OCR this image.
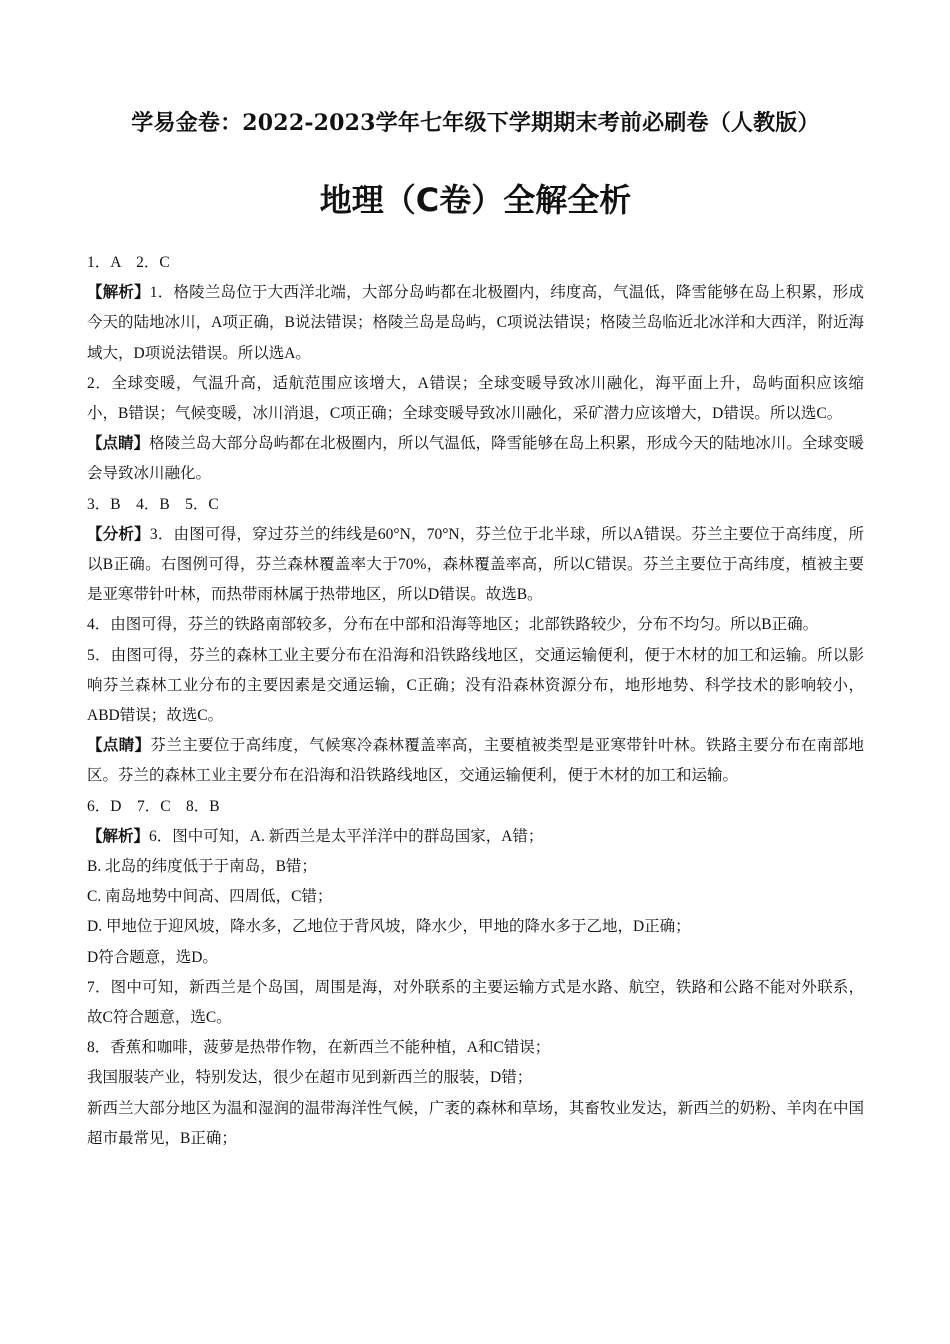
学易金卷：2022-2023学年七年级下学期期末考前必刷卷（人教版）
地理（C卷）全解全析

1．A　2．C

【解析】1．格陵兰岛位于大西洋北端，大部分岛屿都在北极圈内，纬度高，气温低，降雪能够在岛上积累，形成今天的陆地冰川，A项正确，B说法错误；格陵兰岛是岛屿，C项说法错误；格陵兰岛临近北冰洋和大西洋，附近海域大，D项说法错误。所以选A。

2．全球变暖，气温升高，适航范围应该增大，A错误；全球变暖导致冰川融化，海平面上升，岛屿面积应该缩小，B错误；气候变暖，冰川消退，C项正确；全球变暖导致冰川融化，采矿潜力应该增大，D错误。所以选C。

【点睛】格陵兰岛大部分岛屿都在北极圈内，所以气温低，降雪能够在岛上积累，形成今天的陆地冰川。全球变暖会导致冰川融化。

3．B　4．B　5．C

【分析】3．由图可得，穿过芬兰的纬线是60°N，70°N，芬兰位于北半球，所以A错误。芬兰主要位于高纬度，所以B正确。右图例可得，芬兰森林覆盖率大于70%，森林覆盖率高，所以C错误。芬兰主要位于高纬度，植被主要是亚寒带针叶林，而热带雨林属于热带地区，所以D错误。故选B。

4．由图可得，芬兰的铁路南部较多，分布在中部和沿海等地区；北部铁路较少，分布不均匀。所以B正确。

5．由图可得，芬兰的森林工业主要分布在沿海和沿铁路线地区，交通运输便利，便于木材的加工和运输。所以影响芬兰森林工业分布的主要因素是交通运输，C正确；没有沿森林资源分布，地形地势、科学技术的影响较小，ABD错误；故选C。

【点睛】芬兰主要位于高纬度，气候寒冷森林覆盖率高，主要植被类型是亚寒带针叶林。铁路主要分布在南部地区。芬兰的森林工业主要分布在沿海和沿铁路线地区，交通运输便利，便于木材的加工和运输。

6．D　7．C　8．B

【解析】6．图中可知，A. 新西兰是太平洋洋中的群岛国家，A错；

B. 北岛的纬度低于于南岛，B错；

C. 南岛地势中间高、四周低，C错；

D. 甲地位于迎风坡，降水多，乙地位于背风坡，降水少，甲地的降水多于乙地，D正确；

D符合题意，选D。

7．图中可知，新西兰是个岛国，周围是海，对外联系的主要运输方式是水路、航空，铁路和公路不能对外联系，故C符合题意，选C。

8．香蕉和咖啡，菠萝是热带作物，在新西兰不能种植，A和C错误；

我国服装产业，特别发达，很少在超市见到新西兰的服装，D错；

新西兰大部分地区为温和湿润的温带海洋性气候，广袤的森林和草场，其畜牧业发达，新西兰的奶粉、羊肉在中国超市最常见，B正确；
